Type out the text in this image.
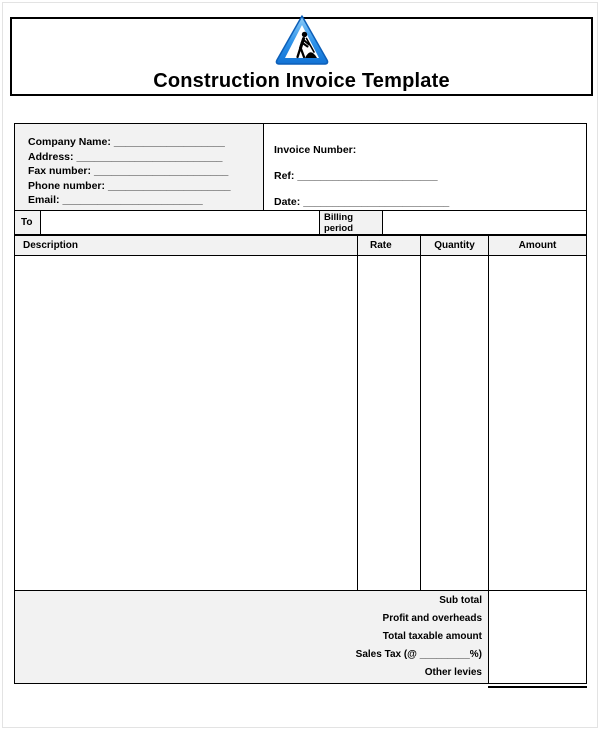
Construction Invoice Template
Company Name: ___________________
Address: _________________________
Fax number: _______________________
Phone number: _____________________
Email: ________________________
Invoice Number:
Ref: ________________________
Date: _________________________
To	Billing period
Description	Rate	Quantity	Amount
Sub total
Profit and overheads
Total taxable amount
Sales Tax (@ _________%)
Other levies
